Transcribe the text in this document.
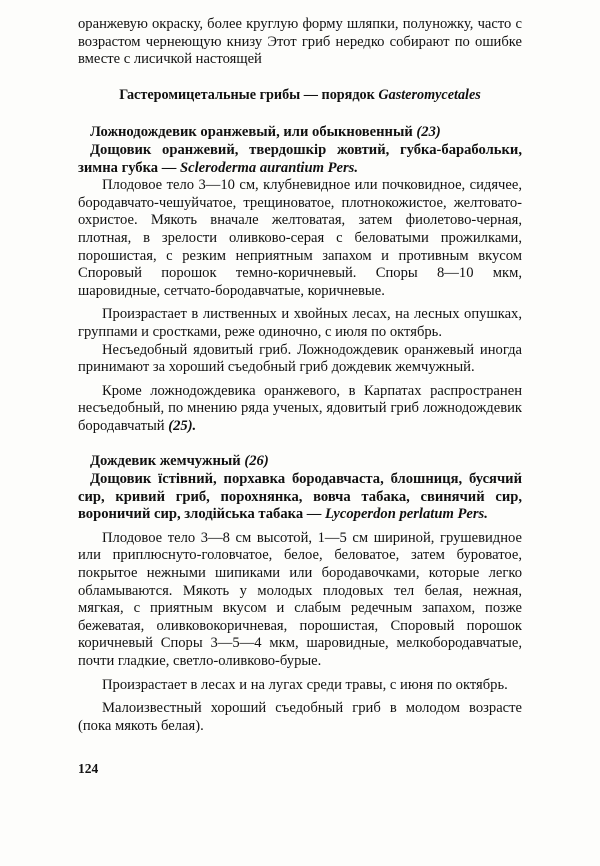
оранжевую окраску, более круглую форму шляпки, полуножку, часто с возрастом чернеющую книзу Этот гриб нередко собирают по ошибке вместе с лисичкой настоящей

Гастеромицетальные грибы — порядок Gasteromycetales
Ложнодождевик оранжевый, или обыкновенный (23)

Дощовик оранжевий, твердошкір жовтий, губка-барабольки, зимна губка — Scleroderma aurantium Pers.

Плодовое тело 3—10 см, клубневидное или почковидное, сидячее, бородавчато-чешуйчатое, трещиноватое, плотнокожистое, желтовато-охристое. Мякоть вначале желтоватая, затем фиолетово-черная, плотная, в зрелости оливково-серая с беловатыми прожилками, порошистая, с резким неприятным запахом и противным вкусом Споровый порошок темно-коричневый. Споры 8—10 мкм, шаровидные, сетчато-бородавчатые, коричневые.

Произрастает в лиственных и хвойных лесах, на лесных опушках, группами и сростками, реже одиночно, с июля по октябрь.

Несъедобный ядовитый гриб. Ложнодождевик оранжевый иногда принимают за хороший съедобный гриб дождевик жемчужный.

Кроме ложнодождевика оранжевого, в Карпатах распространен несъедобный, по мнению ряда ученых, ядовитый гриб ложнодождевик бородавчатый (25).

Дождевик жемчужный (26)

Дощовик їстівний, порхавка бородавчаста, блошниця, бусячий сир, кривий гриб, порохнянка, вовча табака, свинячий сир, вороничий сир, злодійська табака — Lycoperdon perlatum Pers.

Плодовое тело 3—8 см высотой, 1—5 см шириной, грушевидное или приплюснуто-головчатое, белое, беловатое, затем буроватое, покрытое нежными шипиками или бородавочками, которые легко обламываются. Мякоть у молодых плодовых тел белая, нежная, мягкая, с приятным вкусом и слабым редечным запахом, позже бежеватая, оливковокоричневая, порошистая, Споровый порошок коричневый Споры 3—5—4 мкм, шаровидные, мелкобородавчатые, почти гладкие, светло-оливково-бурые.

Произрастает в лесах и на лугах среди травы, с июня по октябрь.

Малоизвестный хороший съедобный гриб в молодом возрасте (пока мякоть белая).

124
